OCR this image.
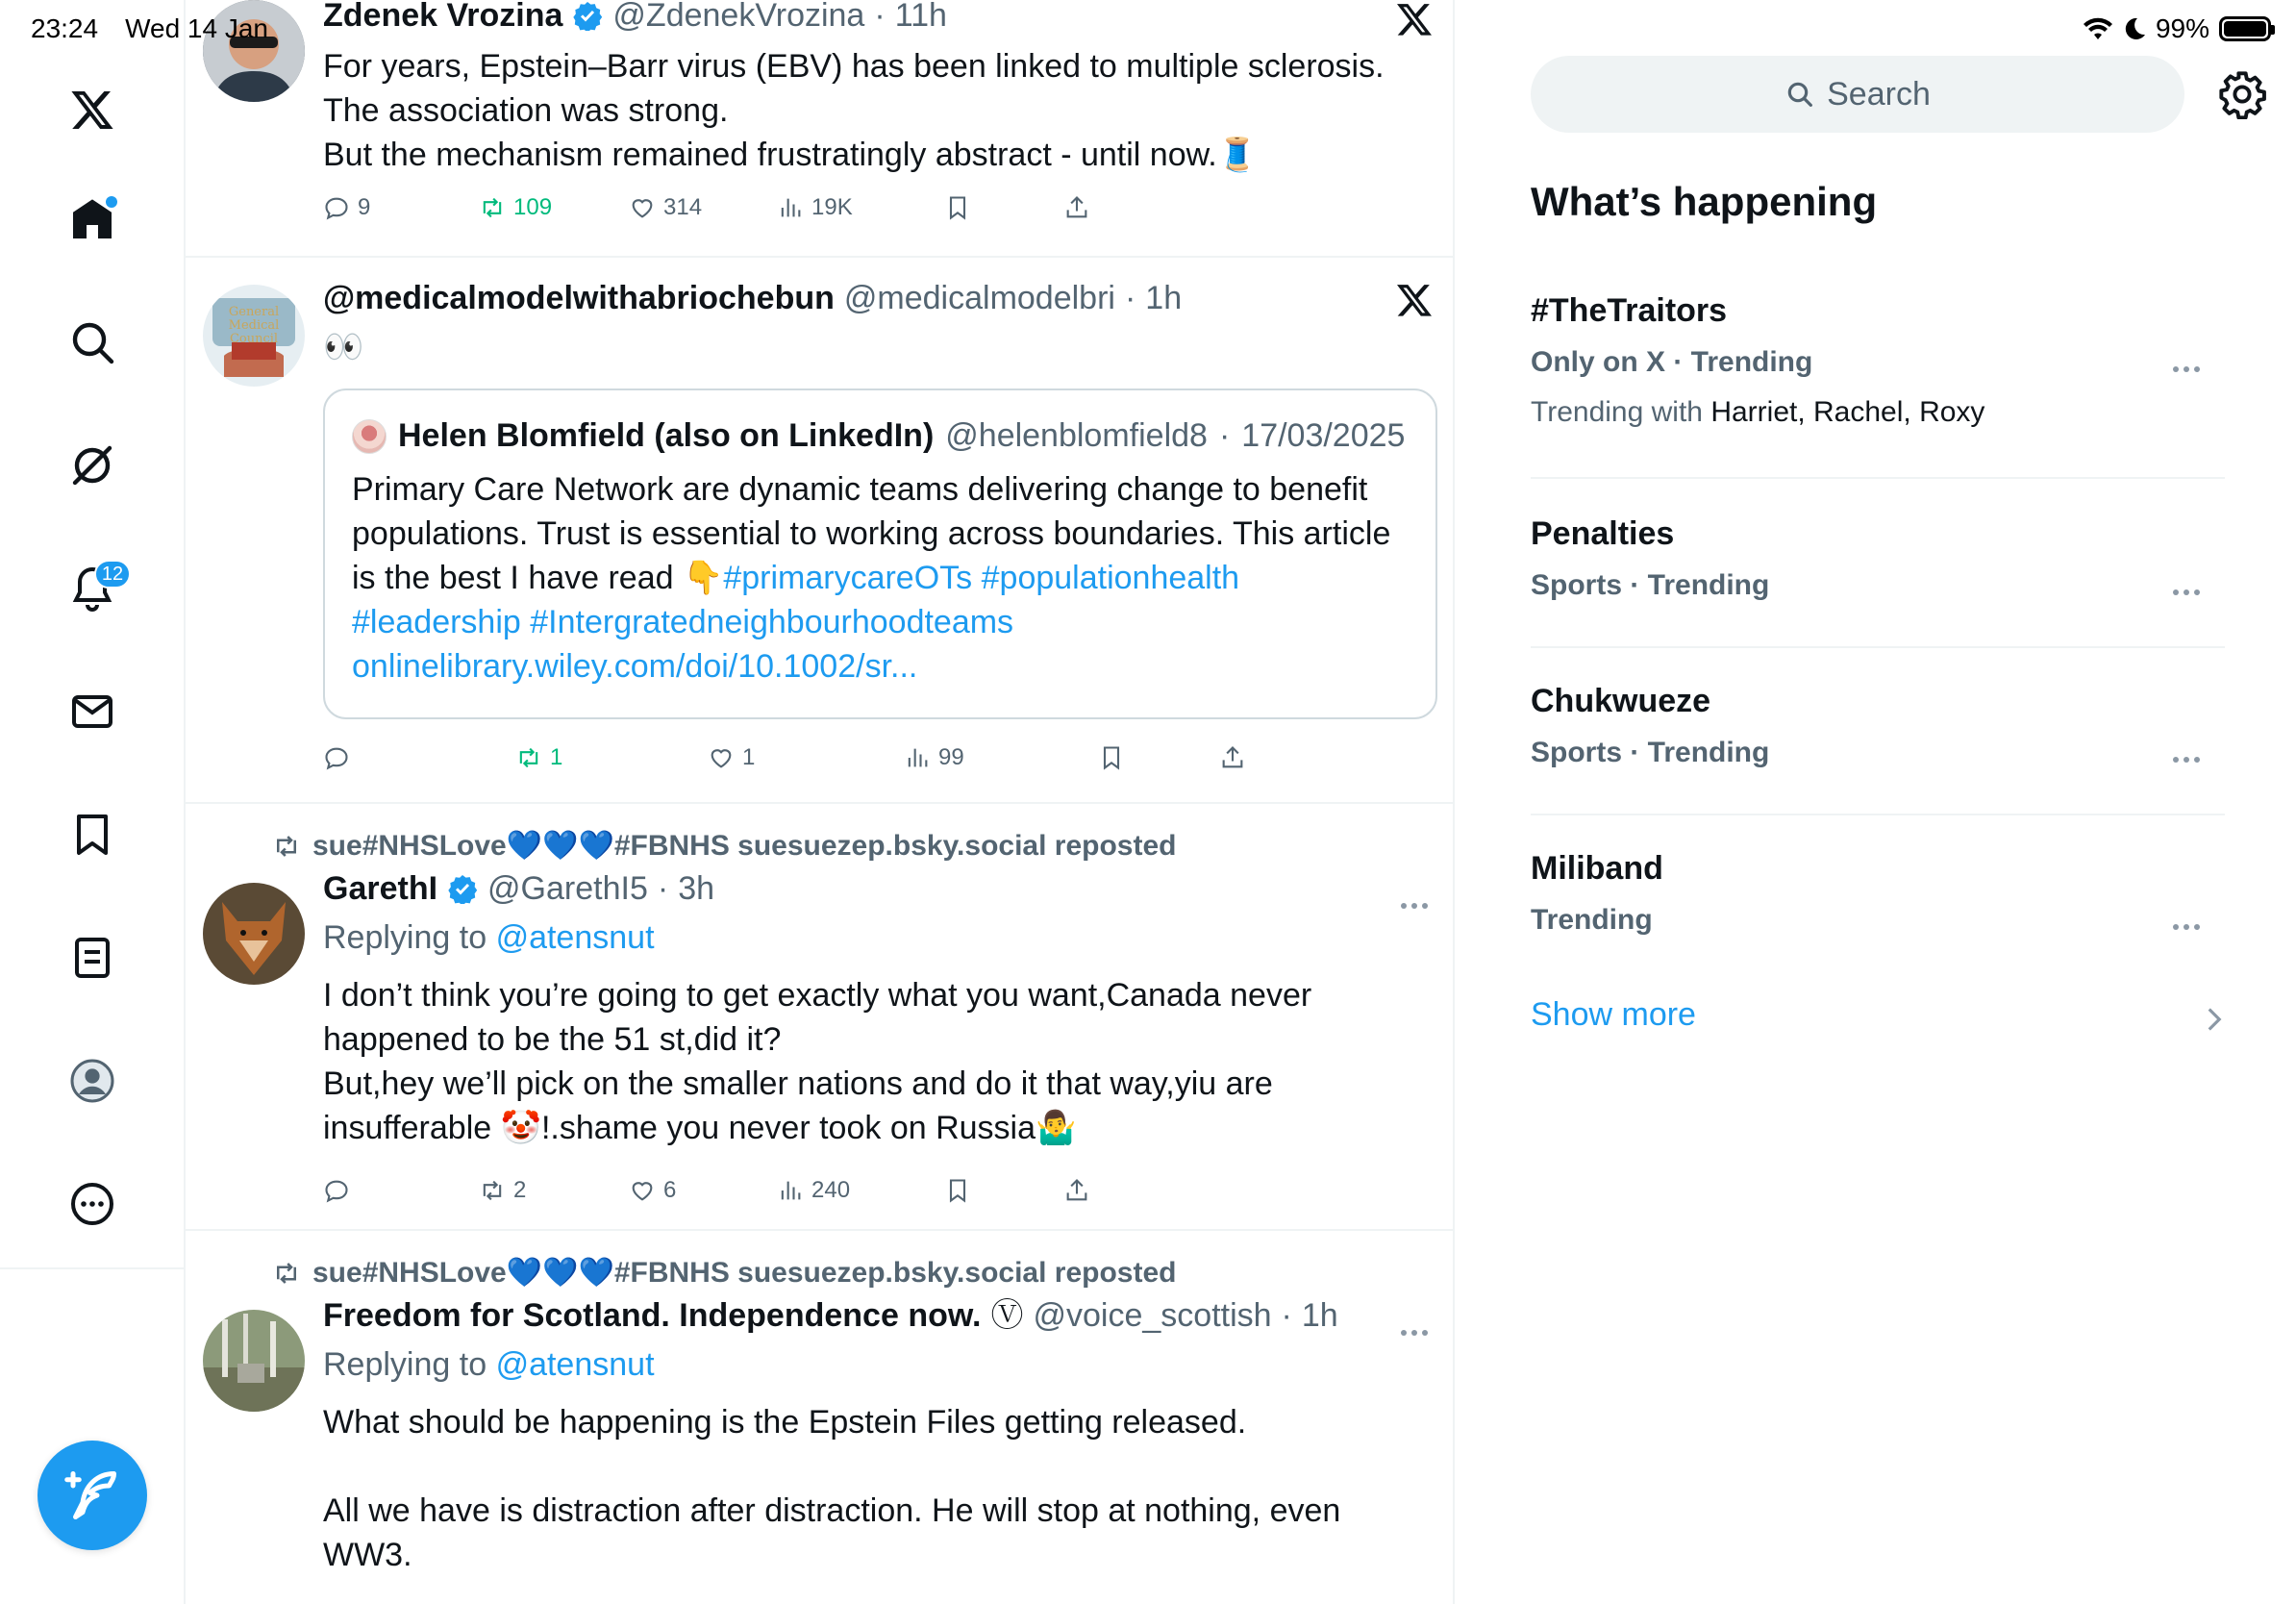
23:24 Wed 14 Jan	99%
12
Zdenek Vrozina @ZdenekVrozina · 11h
For years, Epstein–Barr virus (EBV) has been linked to multiple sclerosis.
The association was strong.
But the mechanism remained frustratingly abstract - until now.🧵
9	109	314	19K
General
Medical
Council
@medicalmodelwithabriochebun @medicalmodelbri · 1h
👀
Helen Blomfield (also on LinkedIn) @helenblomfield8 · 17/03/2025
Primary Care Network are dynamic teams delivering change to benefit
populations. Trust is essential to working across boundaries. This article
is the best I have read 👇#primarycareOTs #populationhealth
#leadership #Intergratedneighbourhoodteams
onlinelibrary.wiley.com/doi/10.1002/sr...
1	1	99
sue#NHSLove💙💙💙#FBNHS suesuezep.bsky.social reposted
GarethI @GarethI5 · 3h
Replying to @atensnut
I don’t think you’re going to get exactly what you want,Canada never
happened to be the 51 st,did it?
But,hey we’ll pick on the smaller nations and do it that way,yiu are
insufferable 🤡!.shame you never took on Russia🤷‍♂️
2	6	240
sue#NHSLove💙💙💙#FBNHS suesuezep.bsky.social reposted
Freedom for Scotland. Independence now. Ⓥ @voice_scottish · 1h
Replying to @atensnut
What should be happening is the Epstein Files getting released.
All we have is distraction after distraction. He will stop at nothing, even
WW3.
Search
What’s happening
#TheTraitors
Only on X · Trending
Trending with Harriet, Rachel, Roxy
Penalties
Sports · Trending
Chukwueze
Sports · Trending
Miliband
Trending
Show more
